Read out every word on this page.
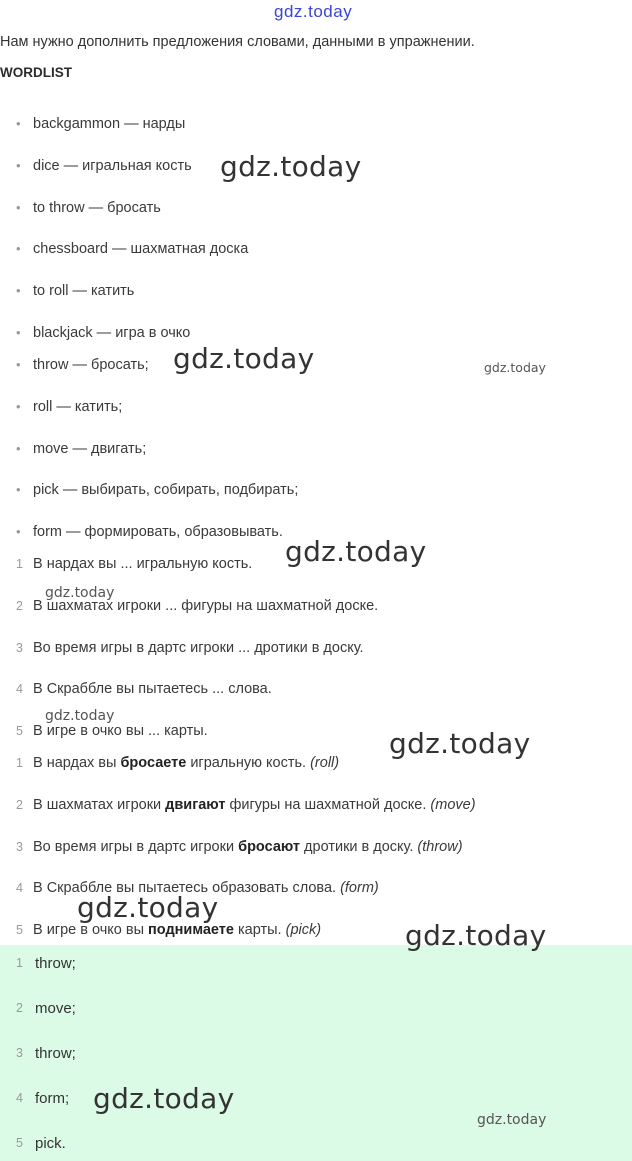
gdz.today
Нам нужно дополнить предложения словами, данными в упражнении.
WORDLIST
• backgammon — нарды
• dice — игральная кость
• to throw — бросать
• chessboard — шахматная доска
• to roll — катить
• blackjack — игра в очко
• throw — бросать;
• roll — катить;
• move — двигать;
• pick — выбирать, собирать, подбирать;
• form — формировать, образовывать.
1 В нардах вы ... игральную кость.
2 В шахматах игроки ... фигуры на шахматной доске.
3 Во время игры в дартс игроки ... дротики в доску.
4 В Скраббле вы пытаетесь ... слова.
5 В игре в очко вы ... карты.
1 В нардах вы бросаете игральную кость. (roll)
2 В шахматах игроки двигают фигуры на шахматной доске. (move)
3 Во время игры в дартс игроки бросают дротики в доску. (throw)
4 В Скраббле вы пытаетесь образовать слова. (form)
5 В игре в очко вы поднимаете карты. (pick)
1 throw;
2 move;
3 throw;
4 form;
5 pick.
gdz.today
gdz.today	gdz.today
gdz.today
gdz.today
gdz.today
gdz.today
gdz.today
gdz.today
gdz.today
gdz.today
